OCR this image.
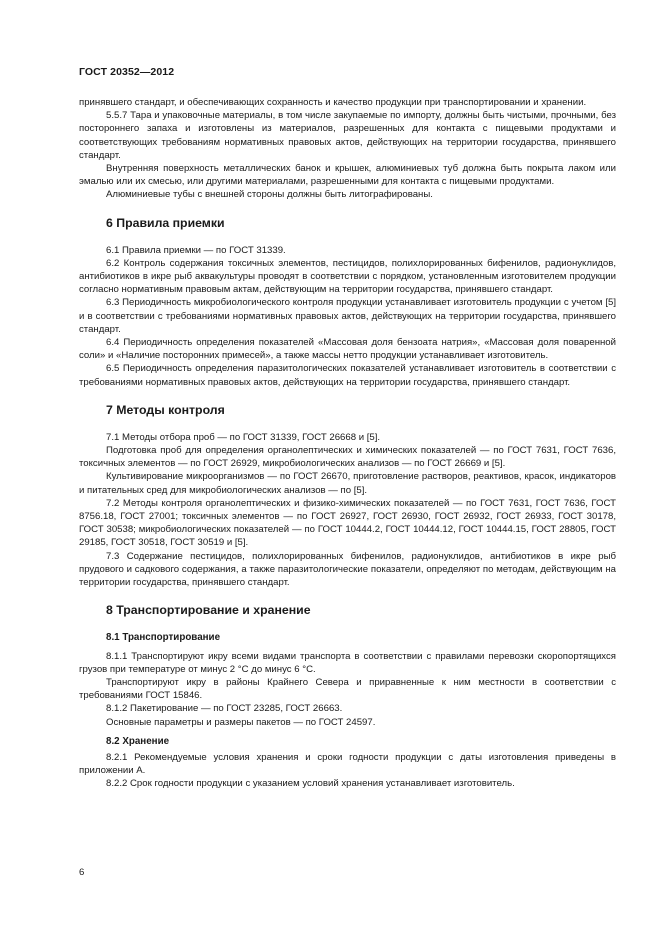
ГОСТ 20352—2012

принявшего стандарт, и обеспечивающих сохранность и качество продукции при транспортировании и хранении.

5.5.7 Тара и упаковочные материалы, в том числе закупаемые по импорту, должны быть чистыми, прочными, без постороннего запаха и изготовлены из материалов, разрешенных для контакта с пищевыми продуктами и соответствующих требованиям нормативных правовых актов, действующих на территории государства, принявшего стандарт.

Внутренняя поверхность металлических банок и крышек, алюминиевых туб должна быть покрыта лаком или эмалью или их смесью, или другими материалами, разрешенными для контакта с пищевыми продуктами.

Алюминиевые тубы с внешней стороны должны быть литографированы.

6 Правила приемки

6.1 Правила приемки — по ГОСТ 31339.

6.2 Контроль содержания токсичных элементов, пестицидов, полихлорированных бифенилов, радионуклидов, антибиотиков в икре рыб аквакультуры проводят в соответствии с порядком, установленным изготовителем продукции согласно нормативным правовым актам, действующим на территории государства, принявшего стандарт.

6.3 Периодичность микробиологического контроля продукции устанавливает изготовитель продукции с учетом [5] и в соответствии с требованиями нормативных правовых актов, действующих на территории государства, принявшего стандарт.

6.4 Периодичность определения показателей «Массовая доля бензоата натрия», «Массовая доля поваренной соли» и «Наличие посторонних примесей», а также массы нетто продукции устанавливает изготовитель.

6.5 Периодичность определения паразитологических показателей устанавливает изготовитель в соответствии с требованиями нормативных правовых актов, действующих на территории государства, принявшего стандарт.

7 Методы контроля

7.1 Методы отбора проб — по ГОСТ 31339, ГОСТ 26668 и [5].

Подготовка проб для определения органолептических и химических показателей — по ГОСТ 7631, ГОСТ 7636, токсичных элементов — по ГОСТ 26929, микробиологических анализов — по ГОСТ 26669 и [5].

Культивирование микроорганизмов — по ГОСТ 26670, приготовление растворов, реактивов, красок, индикаторов и питательных сред для микробиологических анализов — по [5].

7.2 Методы контроля органолептических и физико-химических показателей — по ГОСТ 7631, ГОСТ 7636, ГОСТ 8756.18, ГОСТ 27001; токсичных элементов — по ГОСТ 26927, ГОСТ 26930, ГОСТ 26932, ГОСТ 26933, ГОСТ 30178, ГОСТ 30538; микробиологических показателей — по ГОСТ 10444.2, ГОСТ 10444.12, ГОСТ 10444.15, ГОСТ 28805, ГОСТ 29185, ГОСТ 30518, ГОСТ 30519 и [5].

7.3 Содержание пестицидов, полихлорированных бифенилов, радионуклидов, антибиотиков в икре рыб прудового и садкового содержания, а также паразитологические показатели, определяют по методам, действующим на территории государства, принявшего стандарт.

8 Транспортирование и хранение
8.1 Транспортирование

8.1.1 Транспортируют икру всеми видами транспорта в соответствии с правилами перевозки скоропортящихся грузов при температуре от минус 2 °С до минус 6 °С.

Транспортируют икру в районы Крайнего Севера и приравненные к ним местности в соответствии с требованиями ГОСТ 15846.

8.1.2 Пакетирование — по ГОСТ 23285, ГОСТ 26663.

Основные параметры и размеры пакетов — по ГОСТ 24597.

8.2 Хранение

8.2.1 Рекомендуемые условия хранения и сроки годности продукции с даты изготовления приведены в приложении А.

8.2.2 Срок годности продукции с указанием условий хранения устанавливает изготовитель.

6
